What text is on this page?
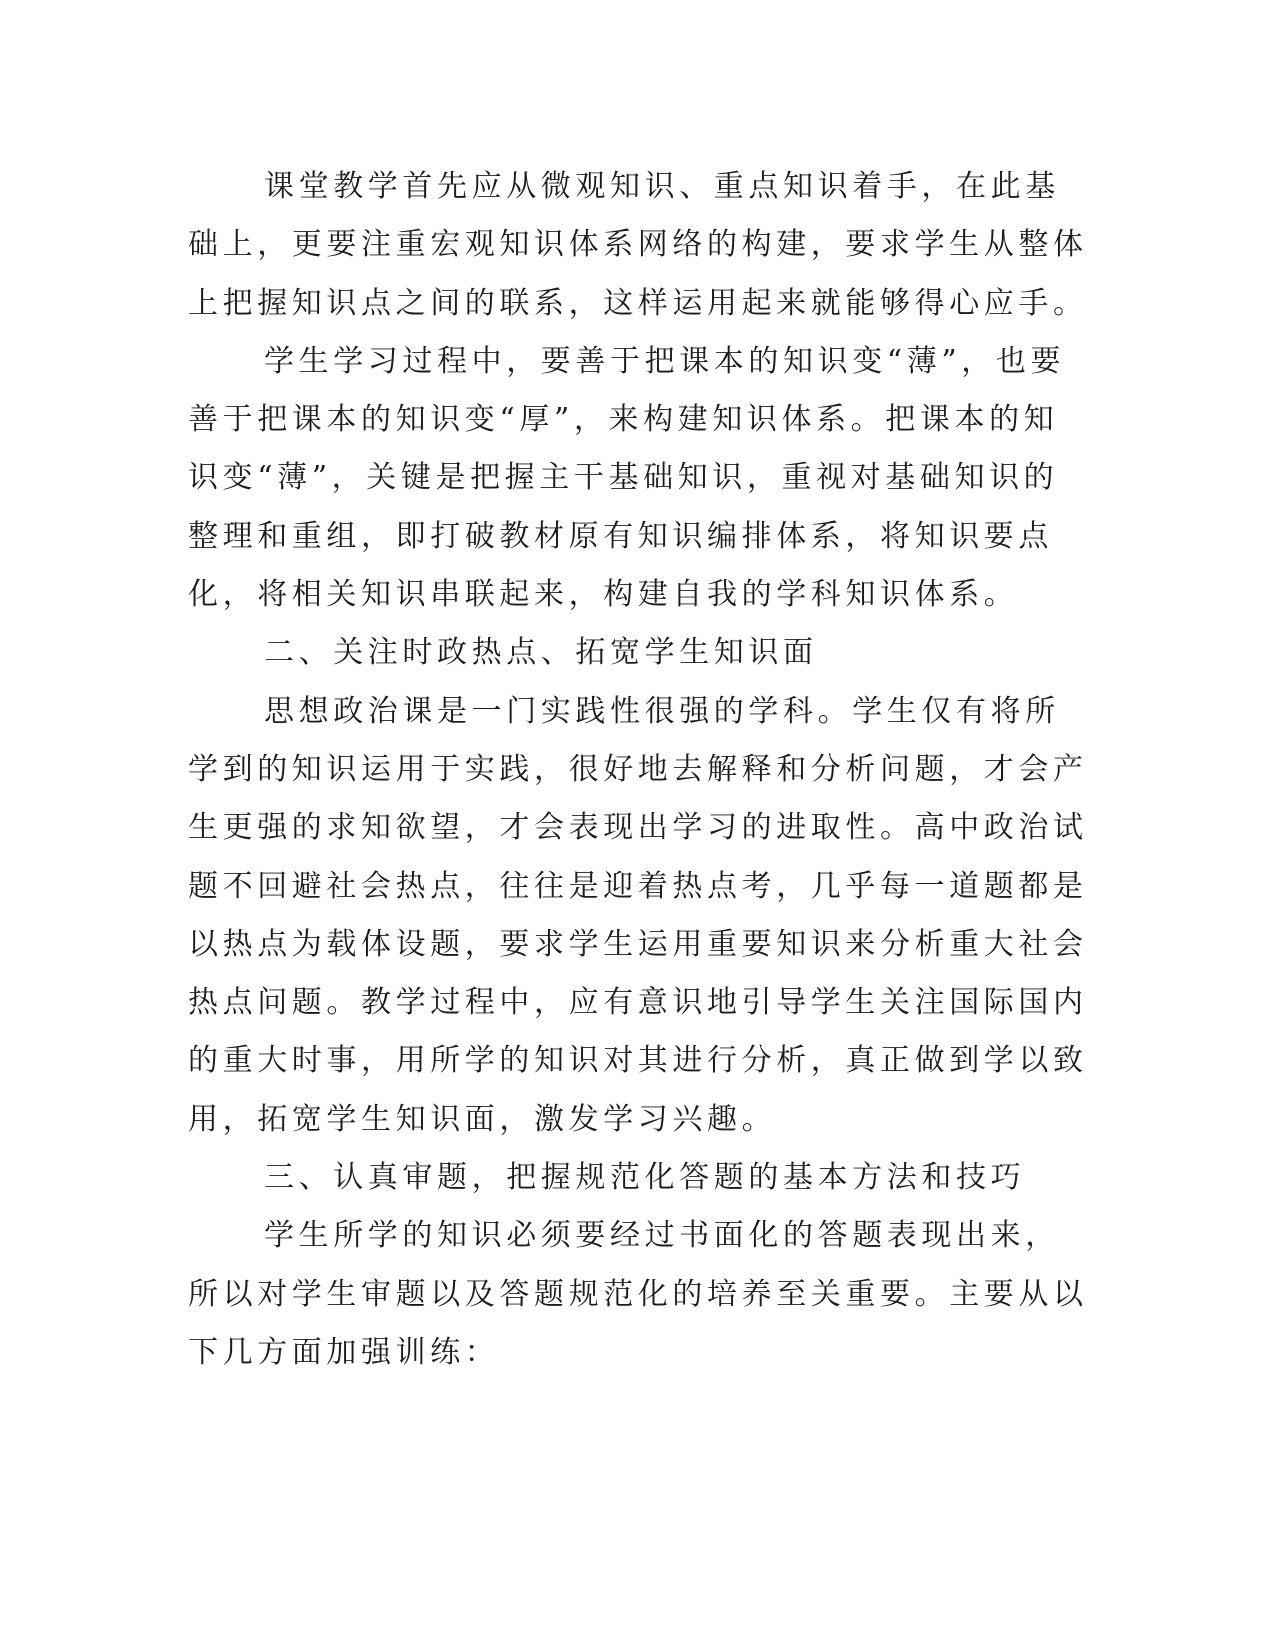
课堂教学首先应从微观知识、重点知识着手，在此基础上，更要注重宏观知识体系网络的构建，要求学生从整体上把握知识点之间的联系，这样运用起来就能够得心应手。
学生学习过程中，要善于把课本的知识变“薄”，也要善于把课本的知识变“厚”，来构建知识体系。把课本的知识变“薄”，关键是把握主干基础知识，重视对基础知识的整理和重组，即打破教材原有知识编排体系，将知识要点化，将相关知识串联起来，构建自我的学科知识体系。
二、关注时政热点、拓宽学生知识面
思想政治课是一门实践性很强的学科。学生仅有将所学到的知识运用于实践，很好地去解释和分析问题，才会产生更强的求知欲望，才会表现出学习的进取性。高中政治试题不回避社会热点，往往是迎着热点考，几乎每一道题都是以热点为载体设题，要求学生运用重要知识来分析重大社会热点问题。教学过程中，应有意识地引导学生关注国际国内的重大时事，用所学的知识对其进行分析，真正做到学以致用，拓宽学生知识面，激发学习兴趣。
三、认真审题，把握规范化答题的基本方法和技巧
学生所学的知识必须要经过书面化的答题表现出来，所以对学生审题以及答题规范化的培养至关重要。主要从以下几方面加强训练：
